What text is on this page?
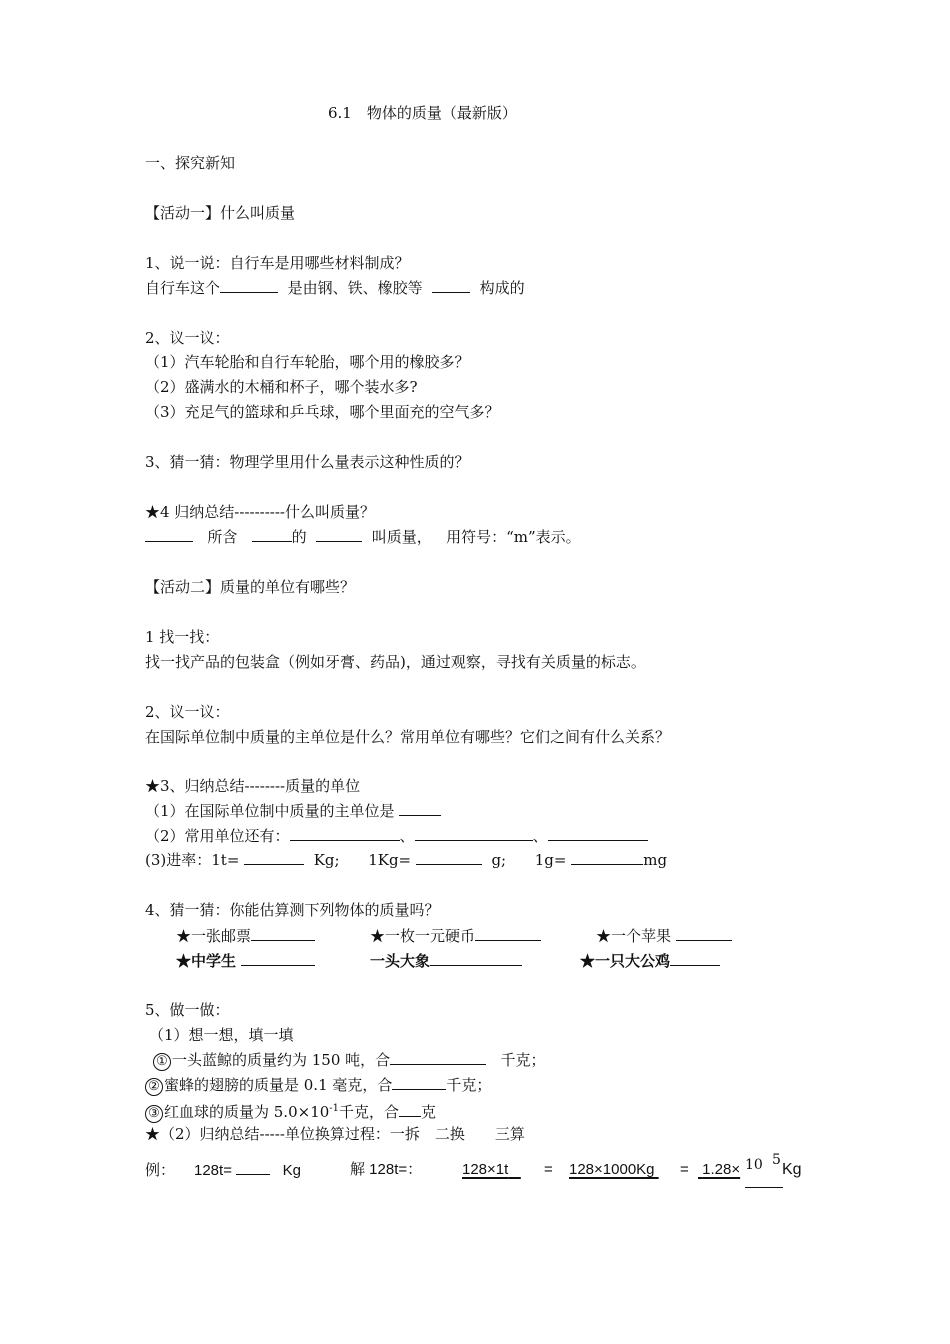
6.1　物体的质量（最新版）
一、探究新知
【活动一】什么叫质量
1、说一说：自行车是用哪些材料制成？
自行车这个	是由钢、铁、橡胶等	构成的
2、议一议：
（1）汽车轮胎和自行车轮胎，哪个用的橡胶多？
（2）盛满水的木桶和杯子，哪个装水多?
（3）充足气的篮球和乒乓球，哪个里面充的空气多？
3、猜一猜：物理学里用什么量表示这种性质的？
★4 归纳总结----------什么叫质量？
所含	的	叫质量， 用符号：“m”表示。
【活动二】质量的单位有哪些？
1 找一找：
找一找产品的包装盒（例如牙膏、药品)，通过观察，寻找有关质量的标志。
2、议一议：
在国际单位制中质量的主单位是什么？常用单位有哪些？它们之间有什么关系？
★3、归纳总结--------质量的单位
（1）在国际单位制中质量的主单位是
（2）常用单位还有：	、	、
(3)进率：1t=	Kg; 1Kg=	g; 1g=	mg
4、猜一猜：你能估算测下列物体的质量吗？
★一张邮票	★一枚一元硬币	★一个苹果
★中学生	一头大象	★一只大公鸡
5、做一做：
（1）想一想，填一填
① 一头蓝鲸的质量约为 150 吨，合	千克；
② 蜜蜂的翅膀的质量是 0.1 毫克，合	千克；
③ 红血球的质量为 $5.0\times 10^{-1}$千克，合 克
★（2）归纳总结-----单位换算过程：一拆　二换　　三算
例： 128t=	Kg	解 128t=：	128×1t	= 128×1000Kg = 1.28× 10 5
Kg
